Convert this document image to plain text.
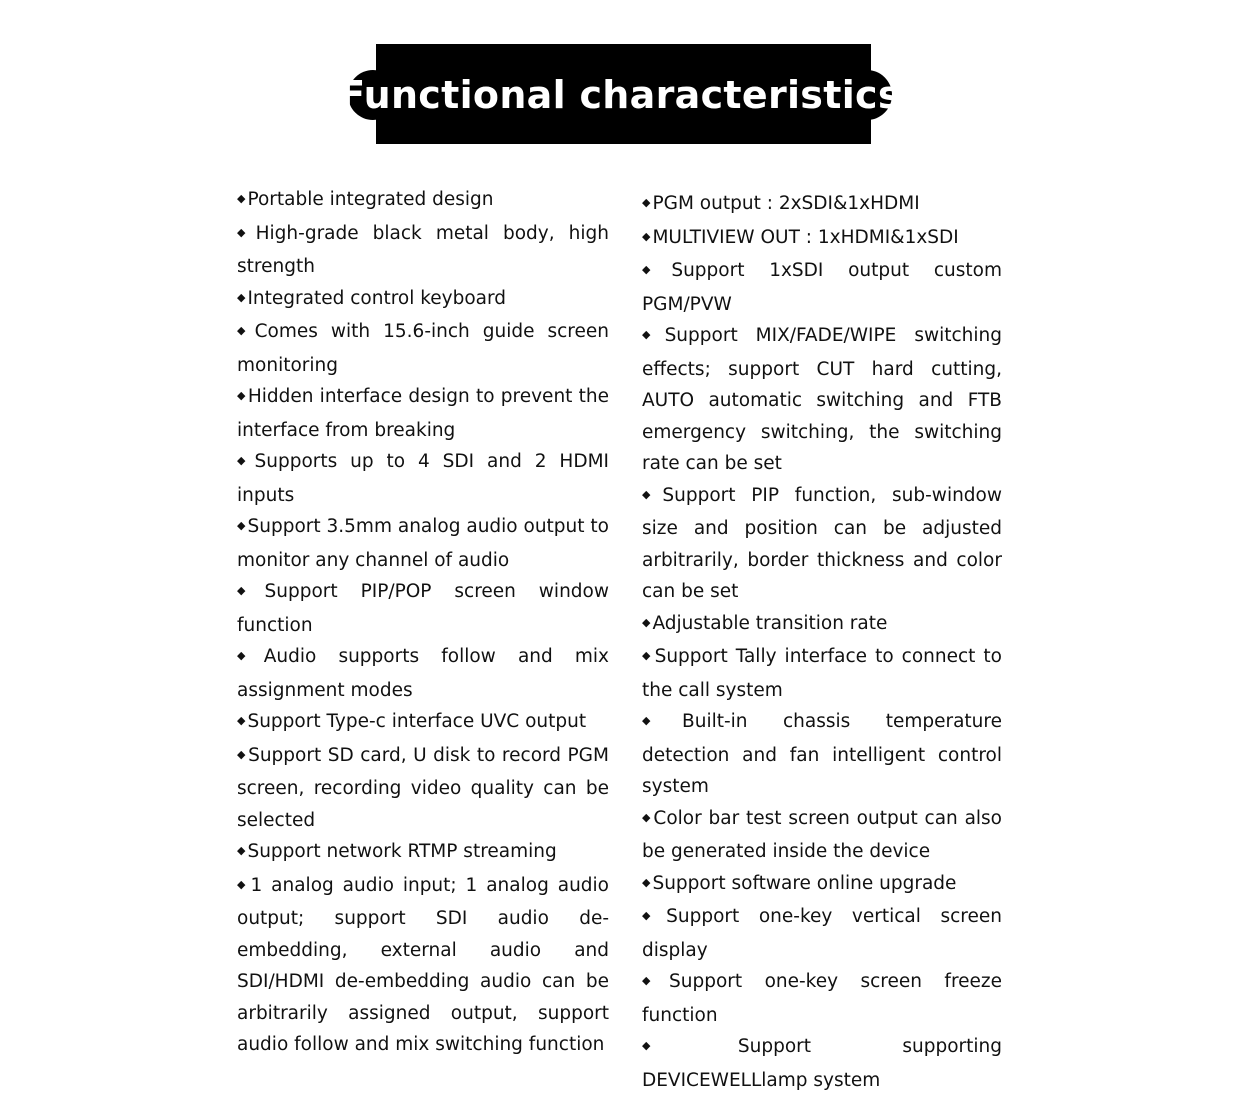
Functional characteristics

◆ Portable integrated design

◆ High-grade black metal body, high strength

◆ Integrated control keyboard

◆ Comes with 15.6-inch guide screen monitoring

◆ Hidden interface design to prevent the interface from breaking

◆ Supports up to 4 SDI and 2 HDMI inputs

◆ Support 3.5mm analog audio output to monitor any channel of audio

◆ Support PIP/POP screen window function

◆ Audio supports follow and mix assignment modes

◆ Support Type-c interface UVC output

◆ Support SD card, U disk to record PGM screen, recording video quality can be selected

◆ Support network RTMP streaming

◆ 1 analog audio input; 1 analog audio output; support SDI audio de-embedding, external audio and SDI/HDMI de-embedding audio can be arbitrarily assigned output, support audio follow and mix switching function

◆ PGM output : 2xSDI&1xHDMI

◆ MULTIVIEW OUT : 1xHDMI&1xSDI

◆ Support 1xSDI output custom PGM/PVW

◆ Support MIX/FADE/WIPE switching effects; support CUT hard cutting, AUTO automatic switching and FTB emergency switching, the switching rate can be set

◆ Support PIP function, sub-window size and position can be adjusted arbitrarily, border thickness and color can be set

◆ Adjustable transition rate

◆ Support Tally interface to connect to the call system

◆ Built-in chassis temperature detection and fan intelligent control system

◆ Color bar test screen output can also be generated inside the device

◆ Support software online upgrade

◆ Support one-key vertical screen display

◆ Support one-key screen freeze function

◆ Support supporting DEVICEWELLlamp system
